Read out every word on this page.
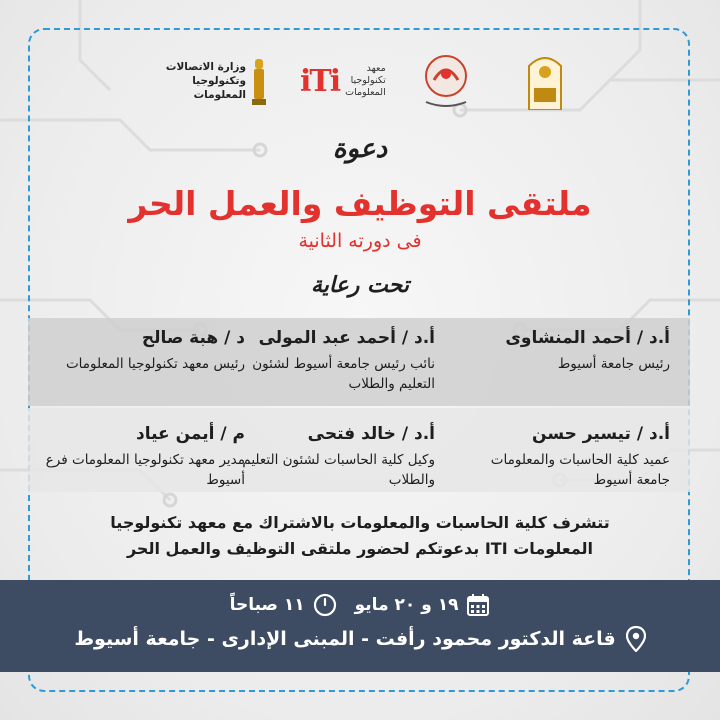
وزارة الاتصالات
وتكنولوجيا المعلومات iTi	معهد
تكنولوجيا
المعلومات
دعوة
ملتقى التوظيف والعمل الحر
فى دورته الثانية
تحت رعاية
أ.د / أحمد المنشاوى
رئيس جامعة أسيوط
أ.د / أحمد عبد المولى
نائب رئيس جامعة أسيوط لشئون التعليم والطلاب
د / هبة صالح
رئيس معهد تكنولوجيا المعلومات
أ.د / تيسير حسن
عميد كلية الحاسبات والمعلومات جامعة أسيوط
أ.د / خالد فتحى
وكيل كلية الحاسبات لشئون التعليم والطلاب
م / أيمن عياد
مدير معهد تكنولوجيا المعلومات فرع أسيوط
تتشرف كلية الحاسبات والمعلومات بالاشتراك مع معهد تكنولوجيا
المعلومات ITI بدعوتكم لحضور ملتقى التوظيف والعمل الحر
١٩ و ٢٠ مايو
١١ صباحاً
قاعة الدكتور محمود رأفت - المبنى الإدارى - جامعة أسيوط
